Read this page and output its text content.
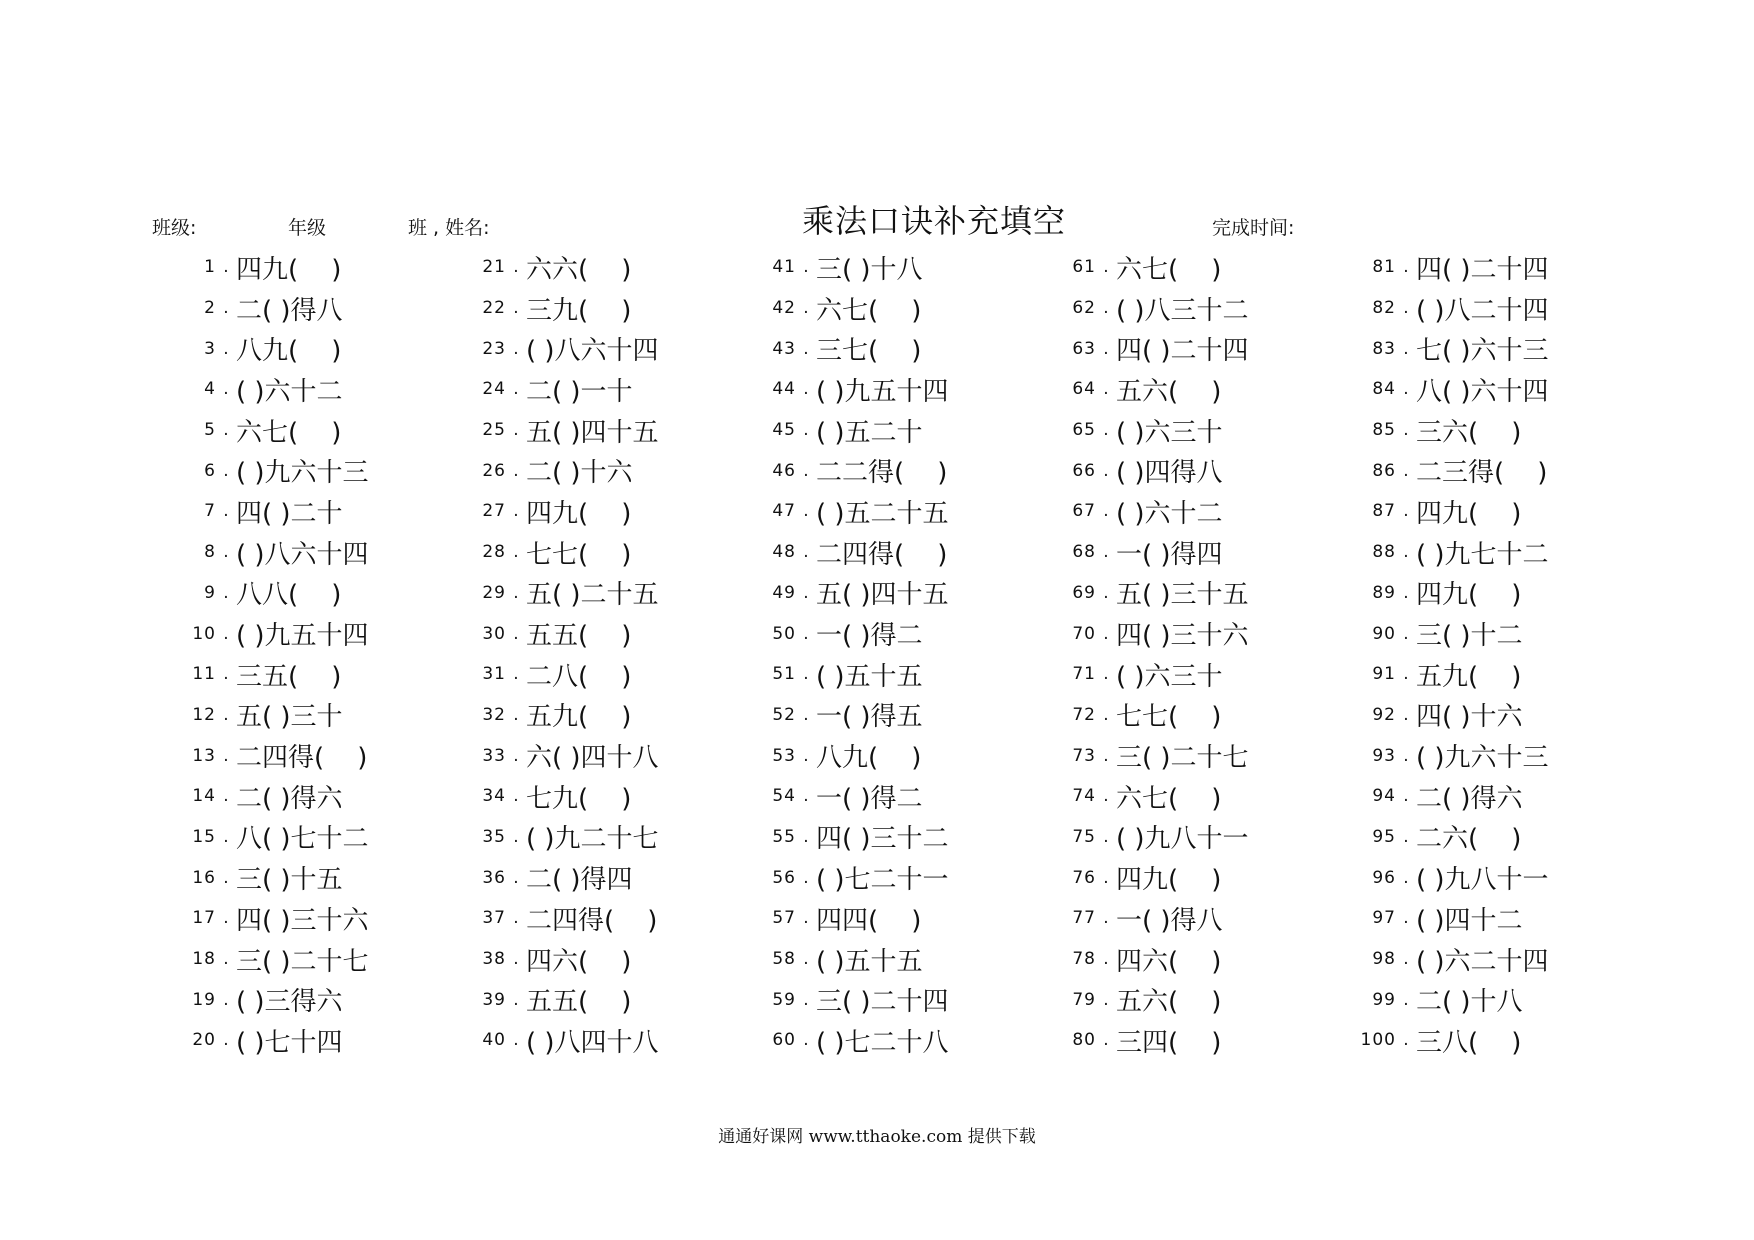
班级:	年级	班 , 姓名:	乘法口诀补充填空	完成时间:
1 . 四九(    )
2 . 二( )得八
3 . 八九(    )
4 . ( )六十二
5 . 六七(    )
6 . ( )九六十三
7 . 四( )二十
8 . ( )八六十四
9 . 八八(    )
10 . ( )九五十四
11 . 三五(    )
12 . 五( )三十
13 . 二四得(    )
14 . 二( )得六
15 . 八( )七十二
16 . 三( )十五
17 . 四( )三十六
18 . 三( )二十七
19 . ( )三得六
20 . ( )七十四
21 . 六六(    )
22 . 三九(    )
23 . ( )八六十四
24 . 二( )一十
25 . 五( )四十五
26 . 二( )十六
27 . 四九(    )
28 . 七七(    )
29 . 五( )二十五
30 . 五五(    )
31 . 二八(    )
32 . 五九(    )
33 . 六( )四十八
34 . 七九(    )
35 . ( )九二十七
36 . 二( )得四
37 . 二四得(    )
38 . 四六(    )
39 . 五五(    )
40 . ( )八四十八
41 . 三( )十八
42 . 六七(    )
43 . 三七(    )
44 . ( )九五十四
45 . ( )五二十
46 . 二二得(    )
47 . ( )五二十五
48 . 二四得(    )
49 . 五( )四十五
50 . 一( )得二
51 . ( )五十五
52 . 一( )得五
53 . 八九(    )
54 . 一( )得二
55 . 四( )三十二
56 . ( )七二十一
57 . 四四(    )
58 . ( )五十五
59 . 三( )二十四
60 . ( )七二十八
61 . 六七(    )
62 . ( )八三十二
63 . 四( )二十四
64 . 五六(    )
65 . ( )六三十
66 . ( )四得八
67 . ( )六十二
68 . 一( )得四
69 . 五( )三十五
70 . 四( )三十六
71 . ( )六三十
72 . 七七(    )
73 . 三( )二十七
74 . 六七(    )
75 . ( )九八十一
76 . 四九(    )
77 . 一( )得八
78 . 四六(    )
79 . 五六(    )
80 . 三四(    )
81 . 四( )二十四
82 . ( )八二十四
83 . 七( )六十三
84 . 八( )六十四
85 . 三六(    )
86 . 二三得(    )
87 . 四九(    )
88 . ( )九七十二
89 . 四九(    )
90 . 三( )十二
91 . 五九(    )
92 . 四( )十六
93 . ( )九六十三
94 . 二( )得六
95 . 二六(    )
96 . ( )九八十一
97 . ( )四十二
98 . ( )六二十四
99 . 二( )十八
100 . 三八(    )
通通好课网 www.tthaoke.com 提供下载
